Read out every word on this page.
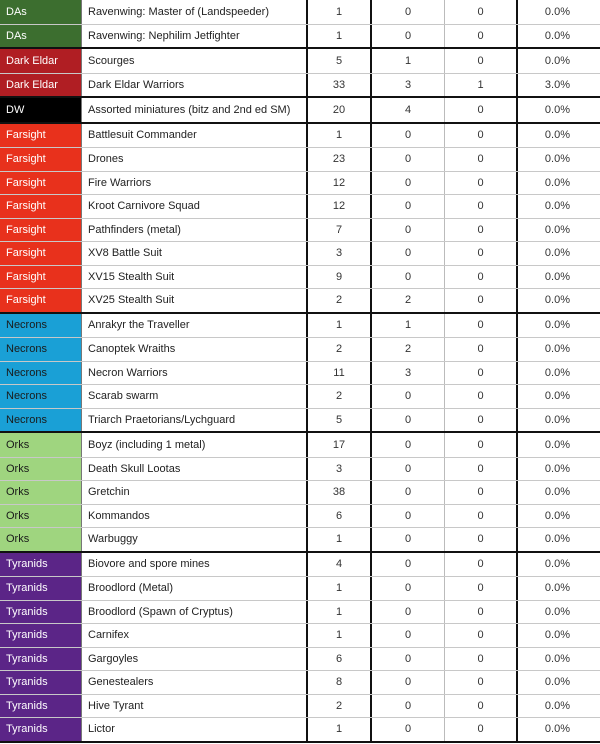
DAs	Ravenwing: Master of (Landspeeder)	1	0	0	0.0%
DAs	Ravenwing: Nephilim Jetfighter	1	0	0	0.0%
Dark Eldar	Scourges	5	1	0	0.0%
Dark Eldar	Dark Eldar Warriors	33	3	1	3.0%
DW	Assorted miniatures (bitz and 2nd ed SM)	20	4	0	0.0%
Farsight	Battlesuit Commander	1	0	0	0.0%
Farsight	Drones	23	0	0	0.0%
Farsight	Fire Warriors	12	0	0	0.0%
Farsight	Kroot Carnivore Squad	12	0	0	0.0%
Farsight	Pathfinders (metal)	7	0	0	0.0%
Farsight	XV8 Battle Suit	3	0	0	0.0%
Farsight	XV15 Stealth Suit	9	0	0	0.0%
Farsight	XV25 Stealth Suit	2	2	0	0.0%
Necrons	Anrakyr the Traveller	1	1	0	0.0%
Necrons	Canoptek Wraiths	2	2	0	0.0%
Necrons	Necron Warriors	11	3	0	0.0%
Necrons	Scarab swarm	2	0	0	0.0%
Necrons	Triarch Praetorians/Lychguard	5	0	0	0.0%
Orks	Boyz (including 1 metal)	17	0	0	0.0%
Orks	Death Skull Lootas	3	0	0	0.0%
Orks	Gretchin	38	0	0	0.0%
Orks	Kommandos	6	0	0	0.0%
Orks	Warbuggy	1	0	0	0.0%
Tyranids	Biovore and spore mines	4	0	0	0.0%
Tyranids	Broodlord (Metal)	1	0	0	0.0%
Tyranids	Broodlord (Spawn of Cryptus)	1	0	0	0.0%
Tyranids	Carnifex	1	0	0	0.0%
Tyranids	Gargoyles	6	0	0	0.0%
Tyranids	Genestealers	8	0	0	0.0%
Tyranids	Hive Tyrant	2	0	0	0.0%
Tyranids	Lictor	1	0	0	0.0%
